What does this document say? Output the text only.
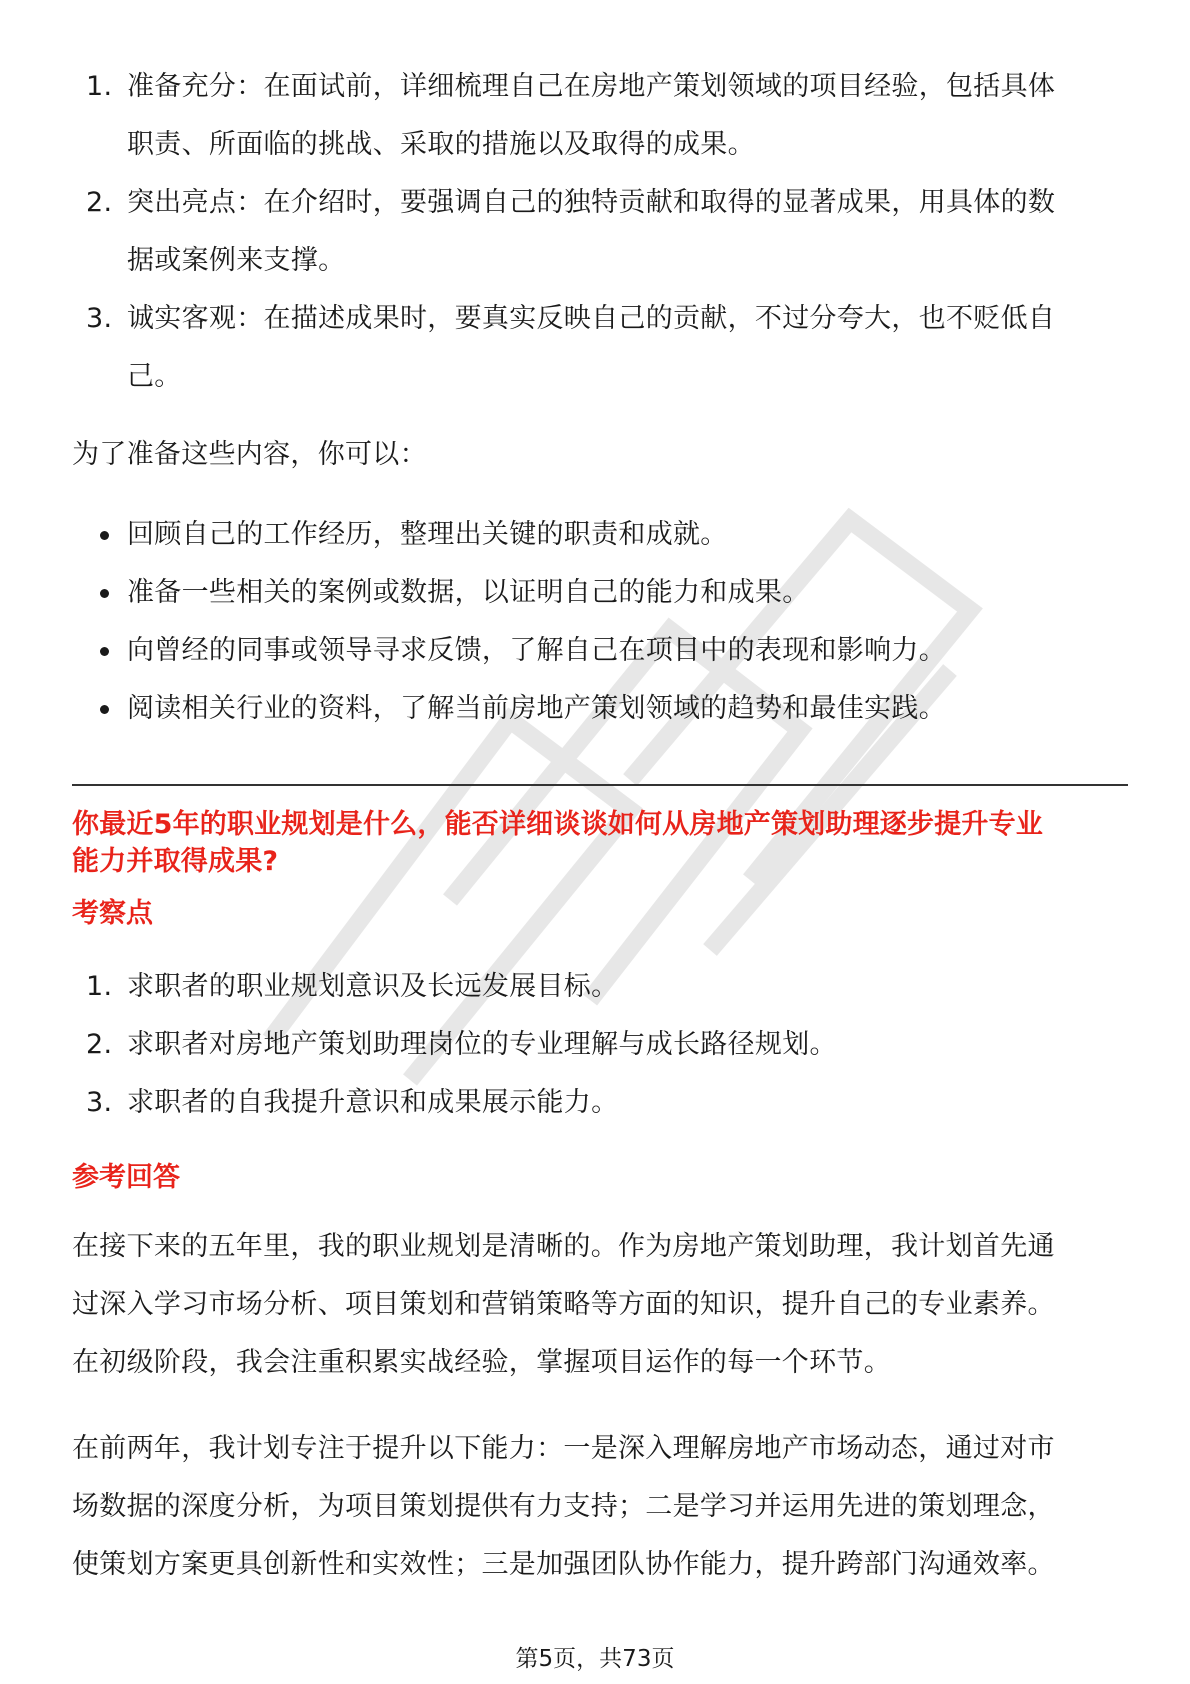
1. 准备充分：在面试前，详细梳理自己在房地产策划领域的项目经验，包括具体
职责、所面临的挑战、采取的措施以及取得的成果。
2. 突出亮点：在介绍时，要强调自己的独特贡献和取得的显著成果，用具体的数
据或案例来支撑。
3. 诚实客观：在描述成果时，要真实反映自己的贡献，不过分夸大，也不贬低自
己。

为了准备这些内容，你可以：

回顾自己的工作经历，整理出关键的职责和成就。
准备一些相关的案例或数据，以证明自己的能力和成果。
向曾经的同事或领导寻求反馈，了解自己在项目中的表现和影响力。
阅读相关行业的资料，了解当前房地产策划领域的趋势和最佳实践。

你最近5年的职业规划是什么，能否详细谈谈如何从房地产策划助理逐步提升专业
能力并取得成果?

考察点

1. 求职者的职业规划意识及长远发展目标。
2. 求职者对房地产策划助理岗位的专业理解与成长路径规划。
3. 求职者的自我提升意识和成果展示能力。

参考回答

在接下来的五年里，我的职业规划是清晰的。作为房地产策划助理，我计划首先通
过深入学习市场分析、项目策划和营销策略等方面的知识，提升自己的专业素养。
在初级阶段，我会注重积累实战经验，掌握项目运作的每一个环节。

在前两年，我计划专注于提升以下能力：一是深入理解房地产市场动态，通过对市
场数据的深度分析，为项目策划提供有力支持；二是学习并运用先进的策划理念，
使策划方案更具创新性和实效性；三是加强团队协作能力，提升跨部门沟通效率。

第5页，共73页
